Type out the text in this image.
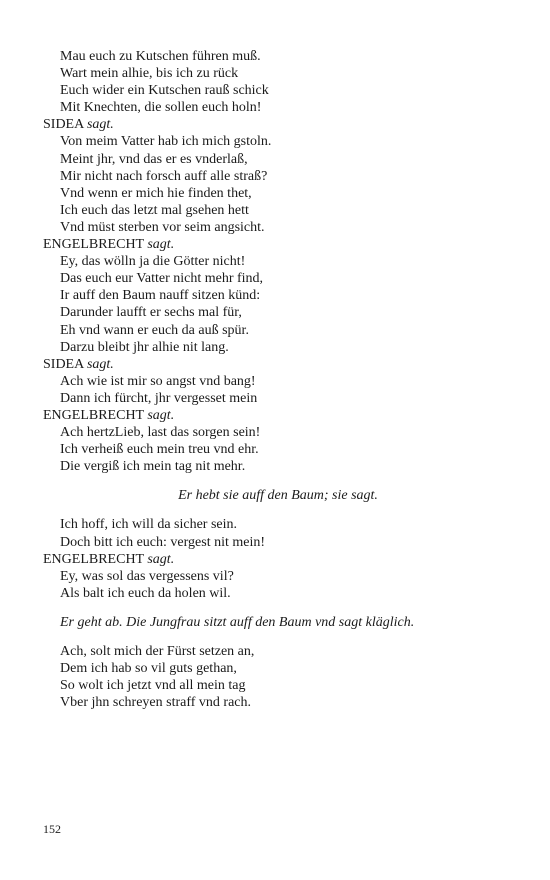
Mau euch zu Kutschen führen muß.
Wart mein alhie, bis ich zu rück
Euch wider ein Kutschen rauß schick
Mit Knechten, die sollen euch holn!
SIDEA sagt.
Von meim Vatter hab ich mich gstoln.
Meint jhr, vnd das er es vnderlaß,
Mir nicht nach forsch auff alle straß?
Vnd wenn er mich hie finden thet,
Ich euch das letzt mal gsehen hett
Vnd müst sterben vor seim angsicht.
ENGELBRECHT sagt.
Ey, das wölln ja die Götter nicht!
Das euch eur Vatter nicht mehr find,
Ir auff den Baum nauff sitzen künd:
Darunder laufft er sechs mal für,
Eh vnd wann er euch da auß spür.
Darzu bleibt jhr alhie nit lang.
SIDEA sagt.
Ach wie ist mir so angst vnd bang!
Dann ich fürcht, jhr vergesset mein
ENGELBRECHT sagt.
Ach hertzLieb, last das sorgen sein!
Ich verheiß euch mein treu vnd ehr.
Die vergiß ich mein tag nit mehr.
Er hebt sie auff den Baum; sie sagt.
Ich hoff, ich will da sicher sein.
Doch bitt ich euch: vergest nit mein!
ENGELBRECHT sagt.
Ey, was sol das vergessens vil?
Als balt ich euch da holen wil.
Er geht ab. Die Jungfrau sitzt auff den Baum vnd sagt kläglich.
Ach, solt mich der Fürst setzen an,
Dem ich hab so vil guts gethan,
So wolt ich jetzt vnd all mein tag
Vber jhn schreyen straff vnd rach.
152
